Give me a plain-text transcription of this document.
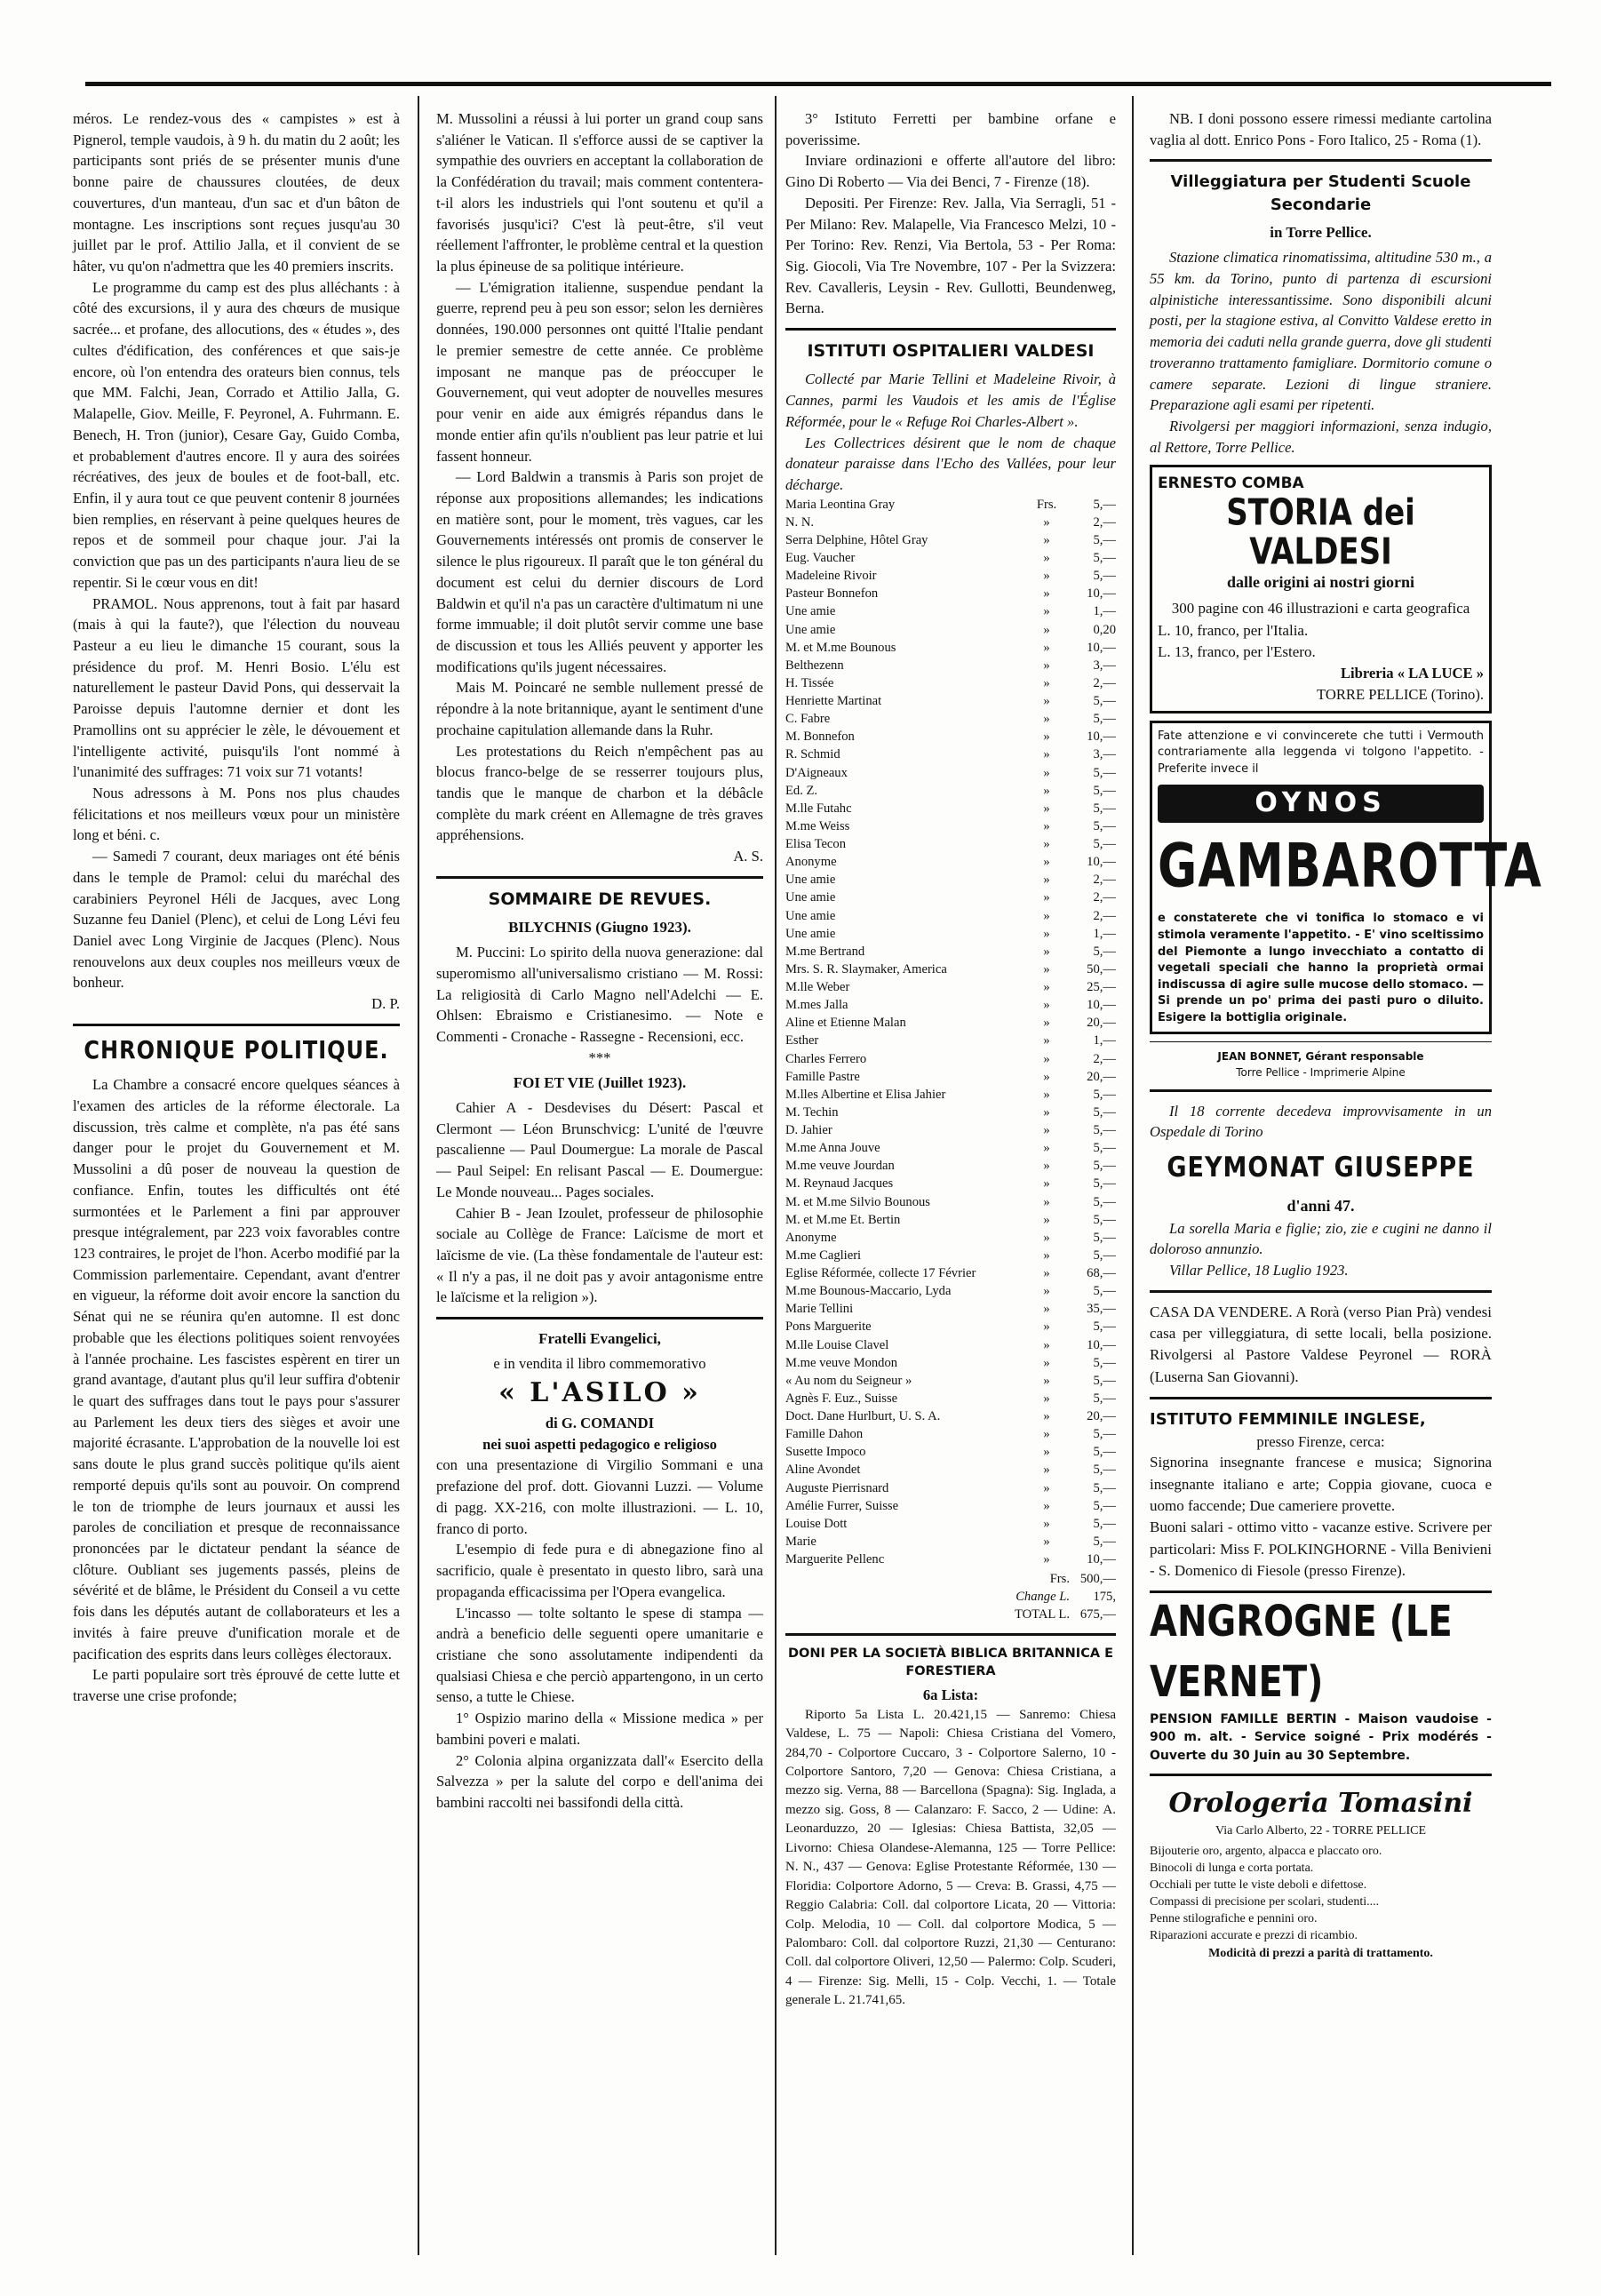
méros. Le rendez-vous des « campistes » est à Pignerol, temple vaudois, à 9 h. du matin du 2 août; les participants sont priés de se présenter munis d'une bonne paire de chaussures cloutées, de deux couvertures, d'un manteau, d'un sac et d'un bâton de montagne. Les inscriptions sont reçues jusqu'au 30 juillet par le prof. Attilio Jalla, et il convient de se hâter, vu qu'on n'admettra que les 40 premiers inscrits.

Le programme du camp est des plus alléchants : à côté des excursions, il y aura des chœurs de musique sacrée... et profane, des allocutions, des « études », des cultes d'édification, des conférences et que sais-je encore, où l'on entendra des orateurs bien connus, tels que MM. Falchi, Jean, Corrado et Attilio Jalla, G. Malapelle, Giov. Meille, F. Peyronel, A. Fuhrmann. E. Benech, H. Tron (junior), Cesare Gay, Guido Comba, et probablement d'autres encore. Il y aura des soirées récréatives, des jeux de boules et de foot-ball, etc. Enfin, il y aura tout ce que peuvent contenir 8 journées bien remplies, en réservant à peine quelques heures de repos et de sommeil pour chaque jour. J'ai la conviction que pas un des participants n'aura lieu de se repentir. Si le cœur vous en dit!

PRAMOL. Nous apprenons, tout à fait par hasard (mais à qui la faute?), que l'élection du nouveau Pasteur a eu lieu le dimanche 15 courant, sous la présidence du prof. M. Henri Bosio. L'élu est naturellement le pasteur David Pons, qui desservait la Paroisse depuis l'automne dernier et dont les Pramollins ont su apprécier le zèle, le dévouement et l'intelligente activité, puisqu'ils l'ont nommé à l'unanimité des suffrages: 71 voix sur 71 votants!

Nous adressons à M. Pons nos plus chaudes félicitations et nos meilleurs vœux pour un ministère long et béni. c.

— Samedi 7 courant, deux mariages ont été bénis dans le temple de Pramol: celui du maréchal des carabiniers Peyronel Héli de Jacques, avec Long Suzanne feu Daniel (Plenc), et celui de Long Lévi feu Daniel avec Long Virginie de Jacques (Plenc). Nous renouvelons aux deux couples nos meilleurs vœux de bonheur.

D. P.

CHRONIQUE POLITIQUE.

La Chambre a consacré encore quelques séances à l'examen des articles de la réforme électorale. La discussion, très calme et complète, n'a pas été sans danger pour le projet du Gouvernement et M. Mussolini a dû poser de nouveau la question de confiance. Enfin, toutes les difficultés ont été surmontées et le Parlement a fini par approuver presque intégralement, par 223 voix favorables contre 123 contraires, le projet de l'hon. Acerbo modifié par la Commission parlementaire. Cependant, avant d'entrer en vigueur, la réforme doit avoir encore la sanction du Sénat qui ne se réunira qu'en automne. Il est donc probable que les élections politiques soient renvoyées à l'année prochaine. Les fascistes espèrent en tirer un grand avantage, d'autant plus qu'il leur suffira d'obtenir le quart des suffrages dans tout le pays pour s'assurer au Parlement les deux tiers des sièges et avoir une majorité écrasante. L'approbation de la nouvelle loi est sans doute le plus grand succès politique qu'ils aient remporté depuis qu'ils sont au pouvoir. On comprend le ton de triomphe de leurs journaux et aussi les paroles de conciliation et presque de reconnaissance prononcées par le dictateur pendant la séance de clôture. Oubliant ses jugements passés, pleins de sévérité et de blâme, le Président du Conseil a vu cette fois dans les députés autant de collaborateurs et les a invités à faire preuve d'unification morale et de pacification des esprits dans leurs collèges électoraux.

Le parti populaire sort très éprouvé de cette lutte et traverse une crise profonde;

M. Mussolini a réussi à lui porter un grand coup sans s'aliéner le Vatican. Il s'efforce aussi de se captiver la sympathie des ouvriers en acceptant la collaboration de la Confédération du travail; mais comment contentera-t-il alors les industriels qui l'ont soutenu et qu'il a favorisés jusqu'ici? C'est là peut-être, s'il veut réellement l'affronter, le problème central et la question la plus épineuse de sa politique intérieure.

— L'émigration italienne, suspendue pendant la guerre, reprend peu à peu son essor; selon les dernières données, 190.000 personnes ont quitté l'Italie pendant le premier semestre de cette année. Ce problème imposant ne manque pas de préoccuper le Gouvernement, qui veut adopter de nouvelles mesures pour venir en aide aux émigrés répandus dans le monde entier afin qu'ils n'oublient pas leur patrie et lui fassent honneur.

— Lord Baldwin a transmis à Paris son projet de réponse aux propositions allemandes; les indications en matière sont, pour le moment, très vagues, car les Gouvernements intéressés ont promis de conserver le silence le plus rigoureux. Il paraît que le ton général du document est celui du dernier discours de Lord Baldwin et qu'il n'a pas un caractère d'ultimatum ni une forme immuable; il doit plutôt servir comme une base de discussion et tous les Alliés peuvent y apporter les modifications qu'ils jugent nécessaires.

Mais M. Poincaré ne semble nullement pressé de répondre à la note britannique, ayant le sentiment d'une prochaine capitulation allemande dans la Ruhr.

Les protestations du Reich n'empêchent pas au blocus franco-belge de se resserrer toujours plus, tandis que le manque de charbon et la débâcle complète du mark créent en Allemagne de très graves appréhensions.

A. S.

SOMMAIRE DE REVUES.
BILYCHNIS (Giugno 1923).

M. Puccini: Lo spirito della nuova generazione: dal superomismo all'universalismo cristiano — M. Rossi: La religiosità di Carlo Magno nell'Adelchi — E. Ohlsen: Ebraismo e Cristianesimo. — Note e Commenti - Cronache - Rassegne - Recensioni, ecc.

***
FOI ET VIE (Juillet 1923).

Cahier A - Desdevises du Désert: Pascal et Clermont — Léon Brunschvicg: L'unité de l'œuvre pascalienne — Paul Doumergue: La morale de Pascal — Paul Seipel: En relisant Pascal — E. Doumergue: Le Monde nouveau... Pages sociales.

Cahier B - Jean Izoulet, professeur de philosophie sociale au Collège de France: Laïcisme de mort et laïcisme de vie. (La thèse fondamentale de l'auteur est: « Il n'y a pas, il ne doit pas y avoir antagonisme entre le laïcisme et la religion »).

Fratelli Evangelici,
e in vendita il libro commemorativo
« L'ASILO »
di G. COMANDI
nei suoi aspetti pedagogico e religioso

con una presentazione di Virgilio Sommani e una prefazione del prof. dott. Giovanni Luzzi. — Volume di pagg. XX-216, con molte illustrazioni. — L. 10, franco di porto.

L'esempio di fede pura e di abnegazione fino al sacrificio, quale è presentato in questo libro, sarà una propaganda efficacissima per l'Opera evangelica.

L'incasso — tolte soltanto le spese di stampa — andrà a beneficio delle seguenti opere umanitarie e cristiane che sono assolutamente indipendenti da qualsiasi Chiesa e che perciò appartengono, in un certo senso, a tutte le Chiese.

1° Ospizio marino della « Missione medica » per bambini poveri e malati.

2° Colonia alpina organizzata dall'« Esercito della Salvezza » per la salute del corpo e dell'anima dei bambini raccolti nei bassifondi della città.

3° Istituto Ferretti per bambine orfane e poverissime.

Inviare ordinazioni e offerte all'autore del libro: Gino Di Roberto — Via dei Benci, 7 - Firenze (18).

Depositi. Per Firenze: Rev. Jalla, Via Serragli, 51 - Per Milano: Rev. Malapelle, Via Francesco Melzi, 10 - Per Torino: Rev. Renzi, Via Bertola, 53 - Per Roma: Sig. Giocoli, Via Tre Novembre, 107 - Per la Svizzera: Rev. Cavalleris, Leysin - Rev. Gullotti, Beundenweg, Berna.

ISTITUTI OSPITALIERI VALDESI

Collecté par Marie Tellini et Madeleine Rivoir, à Cannes, parmi les Vaudois et les amis de l'Église Réformée, pour le « Refuge Roi Charles-Albert ».

Les Collectrices désirent que le nom de chaque donateur paraisse dans l'Echo des Vallées, pour leur décharge.

Maria Leontina Gray	Frs.	5,—
N. N.	»	2,—
Serra Delphine, Hôtel Gray	»	5,—
Eug. Vaucher	»	5,—
Madeleine Rivoir	»	5,—
Pasteur Bonnefon	»	10,—
Une amie	»	1,—
Une amie	»	0,20
M. et M.me Bounous	»	10,—
Belthezenn	»	3,—
H. Tissée	»	2,—
Henriette Martinat	»	5,—
C. Fabre	»	5,—
M. Bonnefon	»	10,—
R. Schmid	»	3,—
D'Aigneaux	»	5,—
Ed. Z.	»	5,—
M.lle Futahc	»	5,—
M.me Weiss	»	5,—
Elisa Tecon	»	5,—
Anonyme	»	10,—
Une amie	»	2,—
Une amie	»	2,—
Une amie	»	2,—
Une amie	»	1,—
M.me Bertrand	»	5,—
Mrs. S. R. Slaymaker, America	»	50,—
M.lle Weber	»	25,—
M.mes Jalla	»	10,—
Aline et Etienne Malan	»	20,—
Esther	»	1,—
Charles Ferrero	»	2,—
Famille Pastre	»	20,—
M.lles Albertine et Elisa Jahier	»	5,—
M. Techin	»	5,—
D. Jahier	»	5,—
M.me Anna Jouve	»	5,—
M.me veuve Jourdan	»	5,—
M. Reynaud Jacques	»	5,—
M. et M.me Silvio Bounous	»	5,—
M. et M.me Et. Bertin	»	5,—
Anonyme	»	5,—
M.me Caglieri	»	5,—
Eglise Réformée, collecte 17 Février	»	68,—
M.me Bounous-Maccario, Lyda	»	5,—
Marie Tellini	»	35,—
Pons Marguerite	»	5,—
M.lle Louise Clavel	»	10,—
M.me veuve Mondon	»	5,—
« Au nom du Seigneur »	»	5,—
Agnès F. Euz., Suisse	»	5,—
Doct. Dane Hurlburt, U. S. A.	»	20,—
Famille Dahon	»	5,—
Susette Impoco	»	5,—
Aline Avondet	»	5,—
Auguste Pierrisnard	»	5,—
Amélie Furrer, Suisse	»	5,—
Louise Dott	»	5,—
Marie	»	5,—
Marguerite Pellenc	»	10,—
	Frs.	500,—
	Change L.	175,
	TOTAL L.	675,—
DONI PER LA SOCIETÀ BIBLICA BRITANNICA E FORESTIERA
6a Lista:

Riporto 5a Lista L. 20.421,15 — Sanremo: Chiesa Valdese, L. 75 — Napoli: Chiesa Cristiana del Vomero, 284,70 - Colportore Cuccaro, 3 - Colportore Salerno, 10 - Colportore Santoro, 7,20 — Genova: Chiesa Cristiana, a mezzo sig. Verna, 88 — Barcellona (Spagna): Sig. Inglada, a mezzo sig. Goss, 8 — Calanzaro: F. Sacco, 2 — Udine: A. Leonarduzzo, 20 — Iglesias: Chiesa Battista, 32,05 — Livorno: Chiesa Olandese-Alemanna, 125 — Torre Pellice: N. N., 437 — Genova: Eglise Protestante Réformée, 130 — Floridia: Colportore Adorno, 5 — Creva: B. Grassi, 4,75 — Reggio Calabria: Coll. dal colportore Licata, 20 — Vittoria: Colp. Melodia, 10 — Coll. dal colportore Modica, 5 — Palombaro: Coll. dal colportore Ruzzi, 21,30 — Centurano: Coll. dal colportore Oliveri, 12,50 — Palermo: Colp. Scuderi, 4 — Firenze: Sig. Melli, 15 - Colp. Vecchi, 1. — Totale generale L. 21.741,65.

NB. I doni possono essere rimessi mediante cartolina vaglia al dott. Enrico Pons - Foro Italico, 25 - Roma (1).

Villeggiatura per Studenti Scuole Secondarie
in Torre Pellice.

Stazione climatica rinomatissima, altitudine 530 m., a 55 km. da Torino, punto di partenza di escursioni alpinistiche interessantissime. Sono disponibili alcuni posti, per la stagione estiva, al Convitto Valdese eretto in memoria dei caduti nella grande guerra, dove gli studenti troveranno trattamento famigliare. Dormitorio comune o camere separate. Lezioni di lingue straniere. Preparazione agli esami per ripetenti.

Rivolgersi per maggiori informazioni, senza indugio, al Rettore, Torre Pellice.

ERNESTO COMBA
STORIA dei VALDESI
dalle origini ai nostri giorni
300 pagine con 46 illustrazioni e carta geografica
L. 10, franco, per l'Italia.
L. 13, franco, per l'Estero.
Libreria « LA LUCE »
TORRE PELLICE (Torino).
Fate attenzione e vi convincerete che tutti i Vermouth contrariamente alla leggenda vi tolgono l'appetito. - Preferite invece il
OYNOS
GAMBAROTTA
e constaterete che vi tonifica lo stomaco e vi stimola veramente l'appetito. - E' vino sceltissimo del Piemonte a lungo invecchiato a contatto di vegetali speciali che hanno la proprietà ormai indiscussa di agire sulle mucose dello stomaco. — Si prende un po' prima dei pasti puro o diluito. Esigere la bottiglia originale.
JEAN BONNET, Gérant responsable
Torre Pellice - Imprimerie Alpine

Il 18 corrente decedeva improvvisamente in un Ospedale di Torino

GEYMONAT GIUSEPPE
d'anni 47.

La sorella Maria e figlie; zio, zie e cugini ne danno il doloroso annunzio.

Villar Pellice, 18 Luglio 1923.

CASA DA VENDERE. A Rorà (verso Pian Prà) vendesi casa per villeggiatura, di sette locali, bella posizione. Rivolgersi al Pastore Valdese Peyronel — RORÀ (Luserna San Giovanni).

ISTITUTO FEMMINILE INGLESE,
presso Firenze, cerca:

Signorina insegnante francese e musica; Signorina insegnante italiano e arte; Coppia giovane, cuoca e uomo faccende; Due cameriere provette.

Buoni salari - ottimo vitto - vacanze estive. Scrivere per particolari: Miss F. POLKINGHORNE - Villa Benivieni - S. Domenico di Fiesole (presso Firenze).

ANGROGNE (LE VERNET)

PENSION FAMILLE BERTIN - Maison vaudoise - 900 m. alt. - Service soigné - Prix modérés - Ouverte du 30 Juin au 30 Septembre.

Orologeria Tomasini
Via Carlo Alberto, 22 - TORRE PELLICE
Bijouterie oro, argento, alpacca e placcato oro.
Binocoli di lunga e corta portata.
Occhiali per tutte le viste deboli e difettose.
Compassi di precisione per scolari, studenti....
Penne stilografiche e pennini oro.
Riparazioni accurate e prezzi di ricambio.
Modicità di prezzi a parità di trattamento.
